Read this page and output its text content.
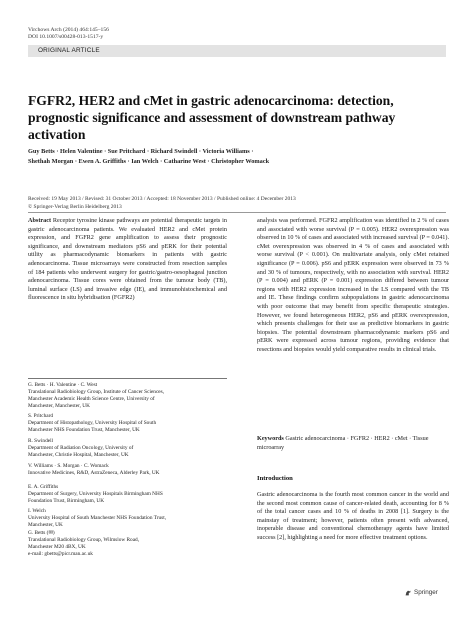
Virchows Arch (2014) 464:145–156
DOI 10.1007/s00428-013-1517-y
ORIGINAL ARTICLE
FGFR2, HER2 and cMet in gastric adenocarcinoma: detection, prognostic significance and assessment of downstream pathway activation
Guy Betts · Helen Valentine · Sue Pritchard · Richard Swindell · Victoria Williams ·
Shethah Morgan · Ewen A. Griffiths · Ian Welch · Catharine West · Christopher Womack
Received: 19 May 2013 / Revised: 31 October 2013 / Accepted: 18 November 2013 / Published online: 4 December 2013
© Springer-Verlag Berlin Heidelberg 2013
Abstract Receptor tyrosine kinase pathways are potential therapeutic targets in gastric adenocarcinoma patients. We evaluated HER2 and cMet protein expression, and FGFR2 gene amplification to assess their prognostic significance, and downstream mediators pS6 and pERK for their potential utility as pharmacodynamic biomarkers in patients with gastric adenocarcinoma. Tissue microarrays were constructed from resection samples of 184 patients who underwent surgery for gastric/gastro-oesophageal junction adenocarcinoma. Tissue cores were obtained from the tumour body (TB), luminal surface (LS) and invasive edge (IE), and immunohistochemical and fluorescence in situ hybridisation (FGFR2)
G. Betts · H. Valentine · C. West
Translational Radiobiology Group, Institute of Cancer Sciences,
Manchester Academic Health Science Centre, University of
Manchester, Manchester, UK
S. Pritchard
Department of Histopathology, University Hospital of South
Manchester NHS Foundation Trust, Manchester, UK
R. Swindell
Department of Radiation Oncology, University of
Manchester, Christie Hospital, Manchester, UK
V. Williams · S. Morgan · C. Womack
Innovative Medicines, R&D, AstraZeneca, Alderley Park, UK
E. A. Griffiths
Department of Surgery, University Hospitals Birmingham NHS
Foundation Trust, Birmingham, UK
I. Welch
University Hospital of South Manchester NHS Foundation Trust,
Manchester, UK
G. Betts (✉)
Translational Radiobiology Group, Wilmslow Road,
Manchester M20 4BX, UK
e-mail: gbetts@picr.man.ac.uk
analysis was performed. FGFR2 amplification was identified in 2 % of cases and associated with worse survival (P = 0.005). HER2 overexpression was observed in 10 % of cases and associated with increased survival (P = 0.041). cMet overexpression was observed in 4 % of cases and associated with worse survival (P < 0.001). On multivariate analysis, only cMet retained significance (P = 0.006). pS6 and pERK expression were observed in 73 % and 30 % of tumours, respectively, with no association with survival. HER2 (P = 0.004) and pERK (P = 0.001) expression differed between tumour regions with HER2 expression increased in the LS compared with the TB and IE. These findings confirm subpopulations in gastric adenocarcinoma with poor outcome that may benefit from specific therapeutic strategies. However, we found heterogeneous HER2, pS6 and pERK overexpression, which presents challenges for their use as predictive biomarkers in gastric biopsies. The potential downstream pharmacodynamic markers pS6 and pERK were expressed across tumour regions, providing evidence that resections and biopsies would yield comparative results in clinical trials.
Keywords Gastric adenocarcinoma · FGFR2 · HER2 · cMet · Tissue microarray
Introduction
Gastric adenocarcinoma is the fourth most common cancer in the world and the second most common cause of cancer-related death, accounting for 8 % of the total cancer cases and 10 % of deaths in 2008 [1]. Surgery is the mainstay of treatment; however, patients often present with advanced, inoperable disease and conventional chemotherapy agents have limited success [2], highlighting a need for more effective treatment options.
Springer
